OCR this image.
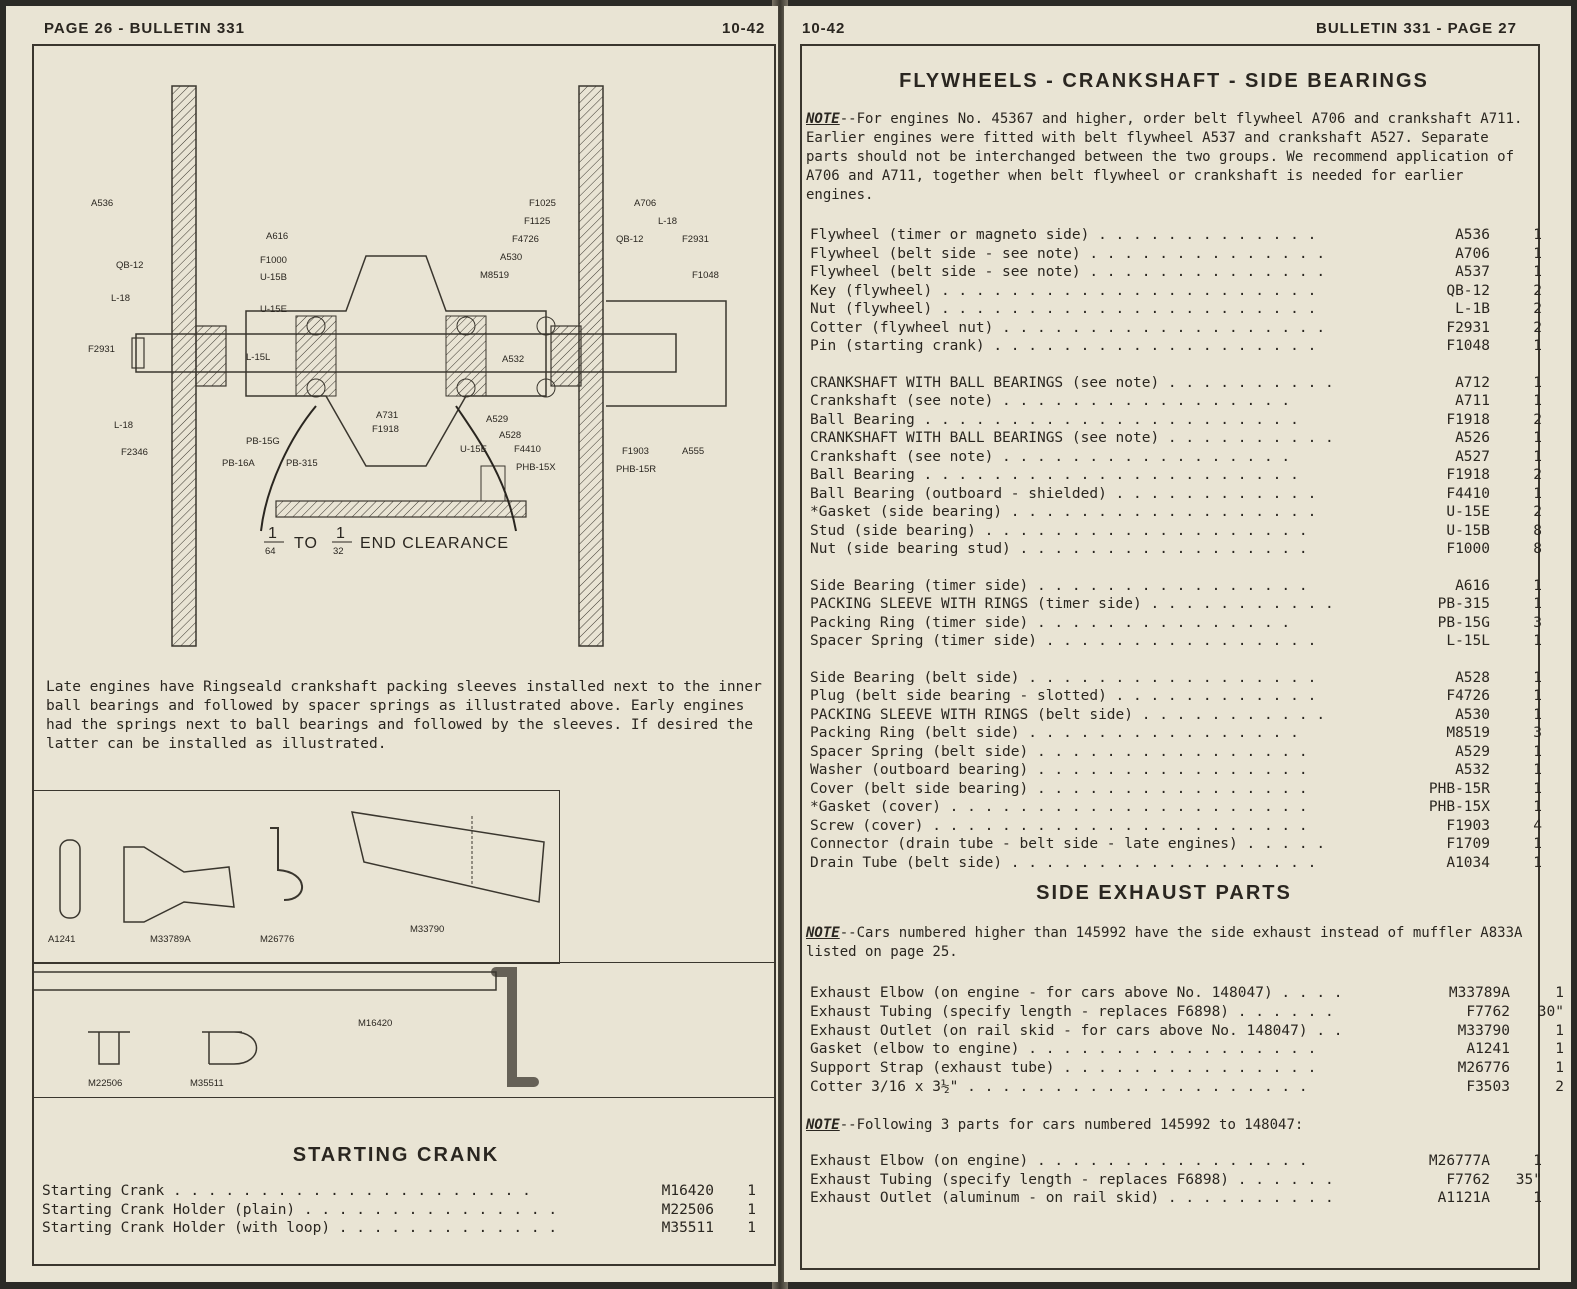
PAGE 26 - BULLETIN 331	10-42
A536
A616
F1000
U-15B
QB-12
L-18
U-15E
F2931
L-15L
L-18
F2346
PB-15G
PB-16A	PB-315
A731
F1918
F1025
F1125
F4726
A530
M8519
A532
A529
A528
U-15E	F4410
PHB-15X
A706
L-18
QB-12	F2931
F1048
F1903	A555
PHB-15R
1
64 TO
1
32 END CLEARANCE
Late engines have Ringseald crankshaft packing sleeves installed next to the inner ball bearings and followed by spacer springs as illustrated above. Early engines had the springs next to ball bearings and followed by the sleeves. If desired the latter can be installed as illustrated.
A1241	M33789A	M26776
M33790
M16420
M22506	M35511
STARTING CRANK
Starting Crank . . . . . . . . . . . . . . . . . . . . .	M16420 1
Starting Crank Holder (plain) . . . . . . . . . . . . . . .	M22506 1
Starting Crank Holder (with loop) . . . . . . . . . . . . .	M35511 1
10-42	BULLETIN 331 - PAGE 27
FLYWHEELS - CRANKSHAFT - SIDE BEARINGS
NOTE--For engines No. 45367 and higher, order belt flywheel A706 and crankshaft A711. Earlier engines were fitted with belt flywheel A537 and crankshaft A527. Separate parts should not be interchanged between the two groups. We recommend application of A706 and A711, together when belt flywheel or crankshaft is needed for earlier engines.
Flywheel (timer or magneto side) . . . . . . . . . . . . .	A536	1
Flywheel (belt side - see note) . . . . . . . . . . . . . .	A706	1
Flywheel (belt side - see note) . . . . . . . . . . . . . .	A537	1
Key (flywheel) . . . . . . . . . . . . . . . . . . . . . .	QB-12	2
Nut (flywheel) . . . . . . . . . . . . . . . . . . . . . .	L-1B	2
Cotter (flywheel nut) . . . . . . . . . . . . . . . . . . .	F2931	2
Pin (starting crank) . . . . . . . . . . . . . . . . . . .	F1048	1
CRANKSHAFT WITH BALL BEARINGS (see note) . . . . . . . . . .	A712	1
Crankshaft (see note) . . . . . . . . . . . . . . . . .	A711	1
Ball Bearing . . . . . . . . . . . . . . . . . . . . . .	F1918	2
CRANKSHAFT WITH BALL BEARINGS (see note) . . . . . . . . . .	A526	1
Crankshaft (see note) . . . . . . . . . . . . . . . . .	A527	1
Ball Bearing . . . . . . . . . . . . . . . . . . . . . .	F1918	2
Ball Bearing (outboard - shielded) . . . . . . . . . . . .	F4410	1
*Gasket (side bearing) . . . . . . . . . . . . . . . . . .	U-15E	2
Stud (side bearing) . . . . . . . . . . . . . . . . . . .	U-15B	8
Nut (side bearing stud) . . . . . . . . . . . . . . . . .	F1000	8
Side Bearing (timer side) . . . . . . . . . . . . . . . .	A616	1
PACKING SLEEVE WITH RINGS (timer side) . . . . . . . . . . .	PB-315	1
Packing Ring (timer side) . . . . . . . . . . . . . . .	PB-15G	3
Spacer Spring (timer side) . . . . . . . . . . . . . . . .	L-15L	1
Side Bearing (belt side) . . . . . . . . . . . . . . . . .	A528	1
Plug (belt side bearing - slotted) . . . . . . . . . . . .	F4726	1
PACKING SLEEVE WITH RINGS (belt side) . . . . . . . . . . .	A530	1
Packing Ring (belt side) . . . . . . . . . . . . . . . .	M8519	3
Spacer Spring (belt side) . . . . . . . . . . . . . . . .	A529	1
Washer (outboard bearing) . . . . . . . . . . . . . . . .	A532	1
Cover (belt side bearing) . . . . . . . . . . . . . . . .	PHB-15R	1
*Gasket (cover) . . . . . . . . . . . . . . . . . . . . .	PHB-15X	1
Screw (cover) . . . . . . . . . . . . . . . . . . . . . .	F1903	4
Connector (drain tube - belt side - late engines) . . . . .	F1709	1
Drain Tube (belt side) . . . . . . . . . . . . . . . . . .	A1034	1
Exhaust Elbow (on engine - for cars above No. 148047) . . . .	M33789A	1
Exhaust Tubing (specify length - replaces F6898) . . . . . .	F7762 30"
Exhaust Outlet (on rail skid - for cars above No. 148047) . .	M33790	1
Gasket (elbow to engine) . . . . . . . . . . . . . . . . .	A1241	1
Support Strap (exhaust tube) . . . . . . . . . . . . . . .	M26776	1
Cotter 3/16 x 3½" . . . . . . . . . . . . . . . . . . . .	F3503	2
Exhaust Elbow (on engine) . . . . . . . . . . . . . . . .	M26777A	1
Exhaust Tubing (specify length - replaces F6898) . . . . . .	F7762 35"
Exhaust Outlet (aluminum - on rail skid) . . . . . . . . . .	A1121A	1
SIDE EXHAUST PARTS
NOTE--Cars numbered higher than 145992 have the side exhaust instead of muffler A833A listed on page 25.
NOTE--Following 3 parts for cars numbered 145992 to 148047:
